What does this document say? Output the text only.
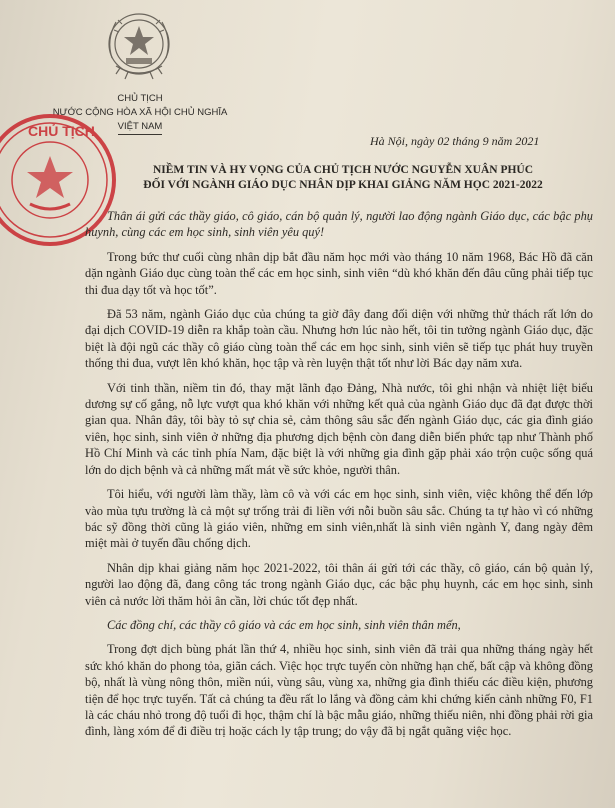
CHỦ TỊCH
NƯỚC CỘNG HÒA XÃ HỘI CHỦ NGHĨA
VIỆT NAM
CHỦ TỊCH
Hà Nội, ngày 02 tháng 9 năm 2021
NIỀM TIN VÀ HY VỌNG CỦA CHỦ TỊCH NƯỚC NGUYỄN XUÂN PHÚC
ĐỐI VỚI NGÀNH GIÁO DỤC NHÂN DỊP KHAI GIẢNG NĂM HỌC 2021-2022

Thân ái gửi các thầy giáo, cô giáo, cán bộ quản lý, người lao động ngành Giáo dục, các bậc phụ huynh, cùng các em học sinh, sinh viên yêu quý!

Trong bức thư cuối cùng nhân dịp bắt đầu năm học mới vào tháng 10 năm 1968, Bác Hồ đã căn dặn ngành Giáo dục cùng toàn thể các em học sinh, sinh viên “dù khó khăn đến đâu cũng phải tiếp tục thi đua dạy tốt và học tốt”.

Đã 53 năm, ngành Giáo dục của chúng ta giờ đây đang đối diện với những thử thách rất lớn do đại dịch COVID-19 diễn ra khắp toàn cầu. Nhưng hơn lúc nào hết, tôi tin tưởng ngành Giáo dục, đặc biệt là đội ngũ các thầy cô giáo cùng toàn thể các em học sinh, sinh viên sẽ tiếp tục phát huy truyền thống thi đua, vượt lên khó khăn, học tập và rèn luyện thật tốt như lời Bác dạy năm xưa.

Với tinh thần, niềm tin đó, thay mặt lãnh đạo Đảng, Nhà nước, tôi ghi nhận và nhiệt liệt biểu dương sự cố gắng, nỗ lực vượt qua khó khăn với những kết quả của ngành Giáo dục đã đạt được thời gian qua. Nhân đây, tôi bày tỏ sự chia sẻ, cảm thông sâu sắc đến ngành Giáo dục, các gia đình giáo viên, học sinh, sinh viên ở những địa phương dịch bệnh còn đang diễn biến phức tạp như Thành phố Hồ Chí Minh và các tỉnh phía Nam, đặc biệt là với những gia đình gặp phải xáo trộn cuộc sống quá lớn do dịch bệnh và cả những mất mát về sức khỏe, người thân.

Tôi hiểu, với người làm thầy, làm cô và với các em học sinh, sinh viên, việc không thể đến lớp vào mùa tựu trường là cả một sự trống trải đi liền với nỗi buồn sâu sắc. Chúng ta tự hào vì có những bác sỹ đồng thời cũng là giáo viên, những em sinh viên,nhất là sinh viên ngành Y, đang ngày đêm miệt mài ở tuyến đầu chống dịch.

Nhân dịp khai giảng năm học 2021-2022, tôi thân ái gửi tới các thầy, cô giáo, cán bộ quản lý, người lao động đã, đang công tác trong ngành Giáo dục, các bậc phụ huynh, các em học sinh, sinh viên cả nước lời thăm hỏi ân cần, lời chúc tốt đẹp nhất.

Các đồng chí, các thầy cô giáo và các em học sinh, sinh viên thân mến,

Trong đợt dịch bùng phát lần thứ 4, nhiều học sinh, sinh viên đã trải qua những tháng ngày hết sức khó khăn do phong tỏa, giãn cách. Việc học trực tuyến còn những hạn chế, bất cập và không đồng bộ, nhất là vùng nông thôn, miền núi, vùng sâu, vùng xa, những gia đình thiếu các điều kiện, phương tiện để học trực tuyến. Tất cả chúng ta đều rất lo lắng và đồng cảm khi chứng kiến cảnh những F0, F1 là các cháu nhỏ trong độ tuổi đi học, thậm chí là bậc mẫu giáo, những thiếu niên, nhi đồng phải rời gia đình, làng xóm để đi điều trị hoặc cách ly tập trung; do vậy đã bị ngắt quãng việc học.
